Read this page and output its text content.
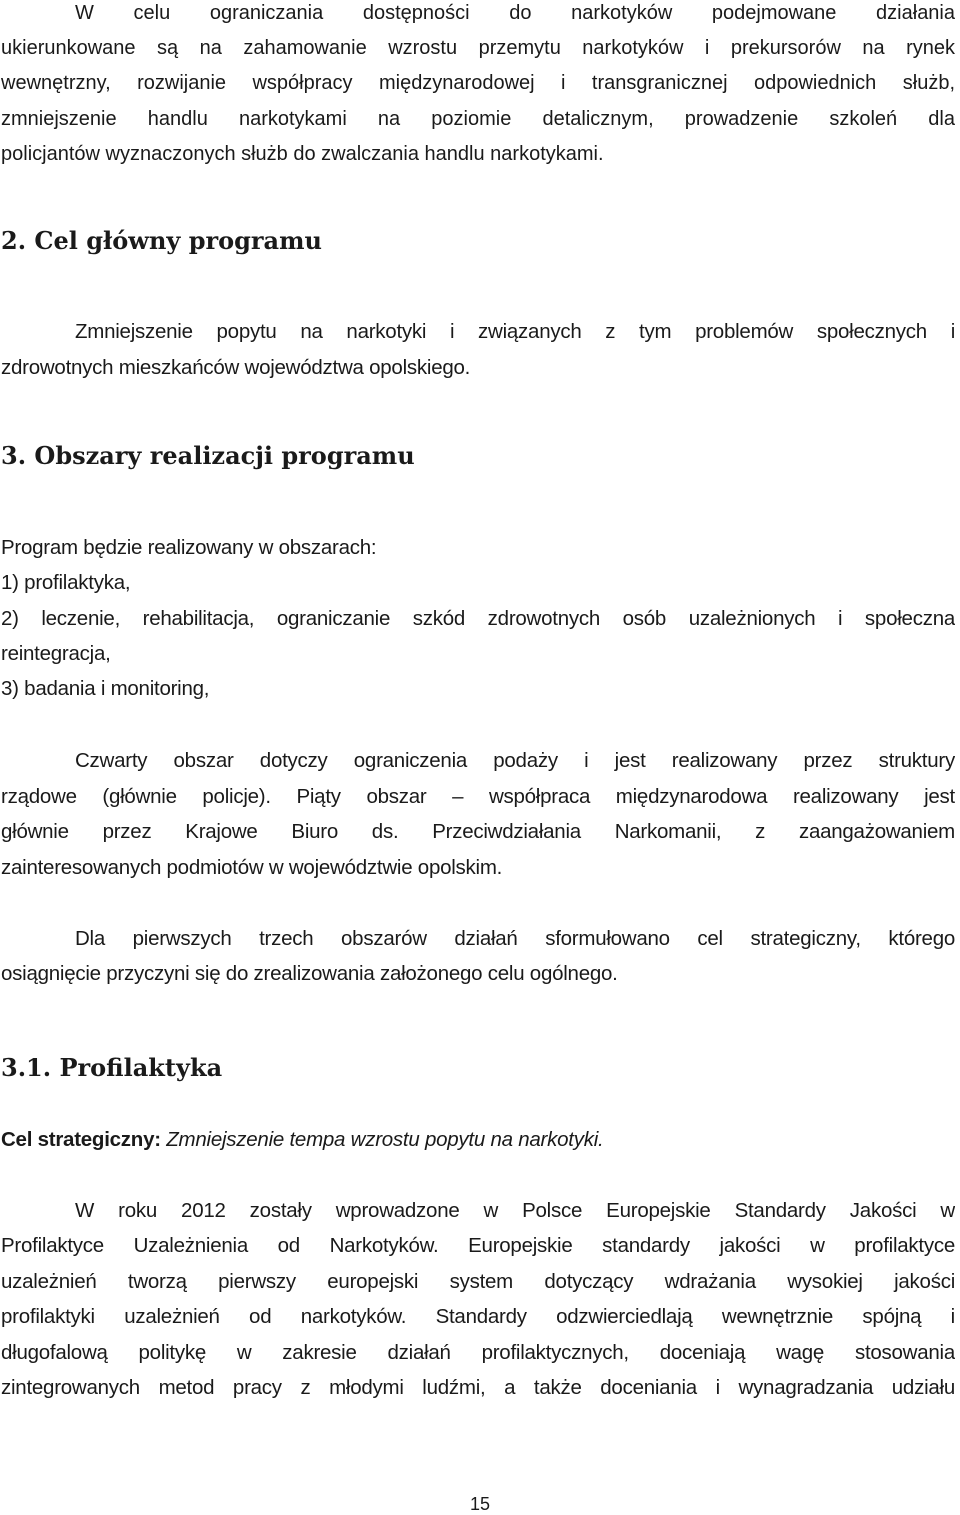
W celu ograniczania dostępności do narkotyków podejmowane działania
ukierunkowane są na zahamowanie wzrostu przemytu narkotyków i prekursorów na rynek
wewnętrzny, rozwijanie współpracy międzynarodowej i transgranicznej odpowiednich służb,
zmniejszenie handlu narkotykami na poziomie detalicznym, prowadzenie szkoleń dla
policjantów wyznaczonych służb do zwalczania handlu narkotykami.
2. Cel główny programu
Zmniejszenie popytu na narkotyki i związanych z tym problemów społecznych i
zdrowotnych mieszkańców województwa opolskiego.
3. Obszary realizacji programu
Program będzie realizowany w obszarach:
1) profilaktyka,
2) leczenie, rehabilitacja, ograniczanie szkód zdrowotnych osób uzależnionych i społeczna
reintegracja,
3) badania i monitoring,
Czwarty obszar dotyczy ograniczenia podaży i jest realizowany przez struktury
rządowe (głównie policje). Piąty obszar – współpraca międzynarodowa realizowany jest
głównie przez Krajowe Biuro ds. Przeciwdziałania Narkomanii, z zaangażowaniem
zainteresowanych podmiotów w województwie opolskim.
Dla pierwszych trzech obszarów działań sformułowano cel strategiczny, którego
osiągnięcie przyczyni się do zrealizowania założonego celu ogólnego.
3.1. Profilaktyka
Cel strategiczny: Zmniejszenie tempa wzrostu popytu na narkotyki.
W roku 2012 zostały wprowadzone w Polsce Europejskie Standardy Jakości w
Profilaktyce Uzależnienia od Narkotyków. Europejskie standardy jakości w profilaktyce
uzależnień tworzą pierwszy europejski system dotyczący wdrażania wysokiej jakości
profilaktyki uzależnień od narkotyków. Standardy odzwierciedlają wewnętrznie spójną i
długofalową politykę w zakresie działań profilaktycznych, doceniają wagę stosowania
zintegrowanych metod pracy z młodymi ludźmi, a także doceniania i wynagradzania udziału
15
